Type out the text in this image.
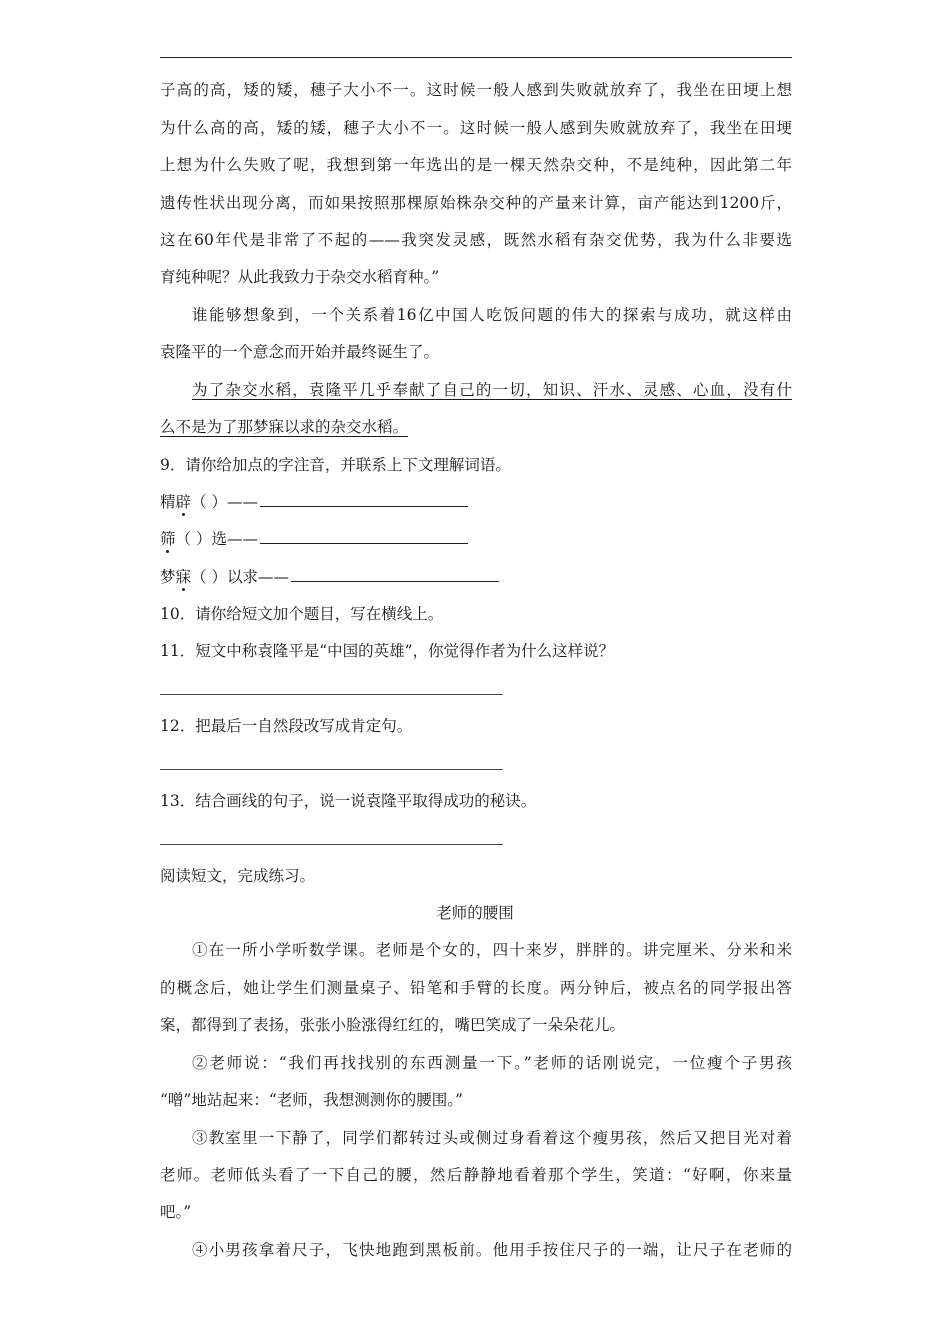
子高的高，矮的矮，穗子大小不一。这时候一般人感到失败就放弃了，我坐在田埂上想
为什么高的高，矮的矮，穗子大小不一。这时候一般人感到失败就放弃了，我坐在田埂
上想为什么失败了呢，我想到第一年选出的是一棵天然杂交种，不是纯种，因此第二年
遗传性状出现分离，而如果按照那棵原始株杂交种的产量来计算，亩产能达到1200斤，
这在60年代是非常了不起的——我突发灵感，既然水稻有杂交优势，我为什么非要选
育纯种呢？从此我致力于杂交水稻育种。”
谁能够想象到，一个关系着16亿中国人吃饭问题的伟大的探索与成功，就这样由
袁隆平的一个意念而开始并最终诞生了。
为了杂交水稻，袁隆平几乎奉献了自己的一切，知识、汗水、灵感、心血，没有什
么不是为了那梦寐以求的杂交水稻。
9．请你给加点的字注音，并联系上下文理解词语。
精辟（ ）——
筛（ ）选——
梦寐（ ）以求——
10．请你给短文加个题目，写在横线上。
11．短文中称袁隆平是“中国的英雄”，你觉得作者为什么这样说？
12．把最后一自然段改写成肯定句。
13．结合画线的句子，说一说袁隆平取得成功的秘诀。
阅读短文，完成练习。
老师的腰围
①在一所小学听数学课。老师是个女的，四十来岁，胖胖的。讲完厘米、分米和米
的概念后，她让学生们测量桌子、铅笔和手臂的长度。两分钟后，被点名的同学报出答
案，都得到了表扬，张张小脸涨得红红的，嘴巴笑成了一朵朵花儿。
②老师说：“我们再找找别的东西测量一下。”老师的话刚说完，一位瘦个子男孩
“噌”地站起来：“老师，我想测测你的腰围。”
③教室里一下静了，同学们都转过头或侧过身看着这个瘦男孩，然后又把目光对着
老师。老师低头看了一下自己的腰，然后静静地看着那个学生，笑道：“好啊，你来量
吧。”
④小男孩拿着尺子，飞快地跑到黑板前。他用手按住尺子的一端，让尺子在老师的
